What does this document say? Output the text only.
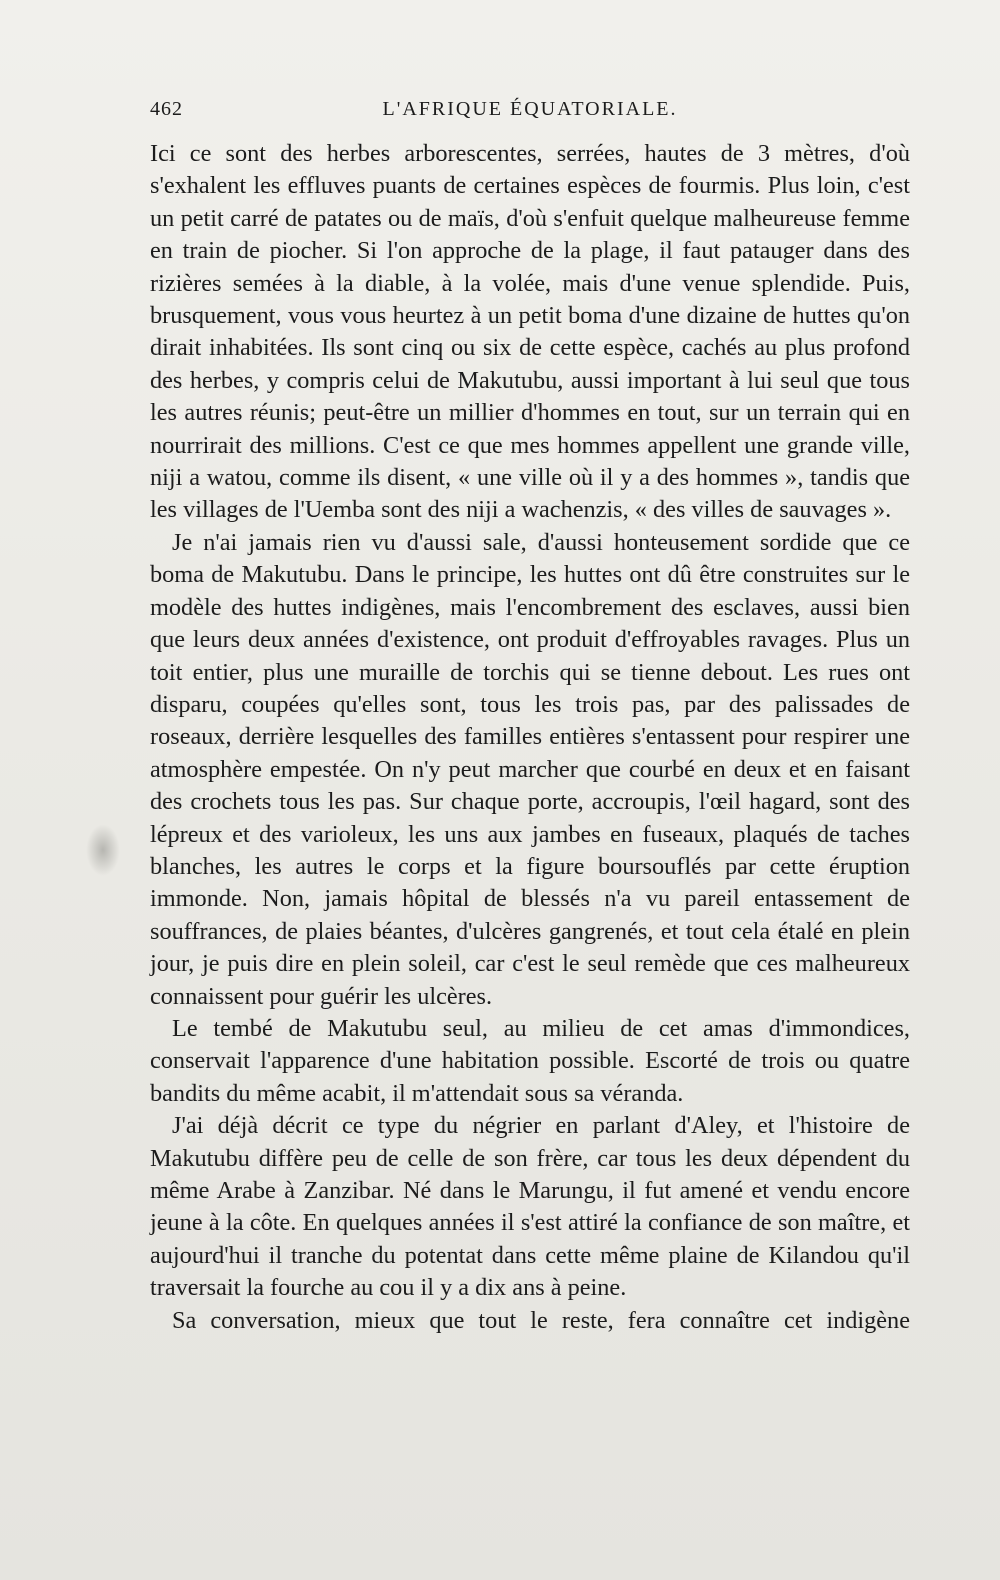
462	L'AFRIQUE ÉQUATORIALE.

Ici ce sont des herbes arborescentes, serrées, hautes de 3 mètres, d'où s'exhalent les effluves puants de certaines espèces de fourmis. Plus loin, c'est un petit carré de patates ou de maïs, d'où s'enfuit quelque malheureuse femme en train de piocher. Si l'on approche de la plage, il faut patauger dans des rizières semées à la diable, à la volée, mais d'une venue splendide. Puis, brusquement, vous vous heurtez à un petit boma d'une dizaine de huttes qu'on dirait inhabitées. Ils sont cinq ou six de cette espèce, cachés au plus profond des herbes, y compris celui de Makutubu, aussi important à lui seul que tous les autres réunis; peut-être un millier d'hommes en tout, sur un terrain qui en nourrirait des millions. C'est ce que mes hommes appellent une grande ville, niji a watou, comme ils disent, « une ville où il y a des hommes », tandis que les villages de l'Uemba sont des niji a wachenzis, « des villes de sauvages ».

Je n'ai jamais rien vu d'aussi sale, d'aussi honteusement sordide que ce boma de Makutubu. Dans le principe, les huttes ont dû être construites sur le modèle des huttes indigènes, mais l'encombrement des esclaves, aussi bien que leurs deux années d'existence, ont produit d'effroyables ravages. Plus un toit entier, plus une muraille de torchis qui se tienne debout. Les rues ont disparu, coupées qu'elles sont, tous les trois pas, par des palissades de roseaux, derrière lesquelles des familles entières s'entassent pour respirer une atmosphère empestée. On n'y peut marcher que courbé en deux et en faisant des crochets tous les pas. Sur chaque porte, accroupis, l'œil hagard, sont des lépreux et des varioleux, les uns aux jambes en fuseaux, plaqués de taches blanches, les autres le corps et la figure boursouflés par cette éruption immonde. Non, jamais hôpital de blessés n'a vu pareil entassement de souffrances, de plaies béantes, d'ulcères gangrenés, et tout cela étalé en plein jour, je puis dire en plein soleil, car c'est le seul remède que ces malheureux connaissent pour guérir les ulcères.

Le tembé de Makutubu seul, au milieu de cet amas d'immondices, conservait l'apparence d'une habitation possible. Escorté de trois ou quatre bandits du même acabit, il m'attendait sous sa véranda.

J'ai déjà décrit ce type du négrier en parlant d'Aley, et l'histoire de Makutubu diffère peu de celle de son frère, car tous les deux dépendent du même Arabe à Zanzibar. Né dans le Marungu, il fut amené et vendu encore jeune à la côte. En quelques années il s'est attiré la confiance de son maître, et aujourd'hui il tranche du potentat dans cette même plaine de Kilandou qu'il traversait la fourche au cou il y a dix ans à peine.

Sa conversation, mieux que tout le reste, fera connaître cet indigène
